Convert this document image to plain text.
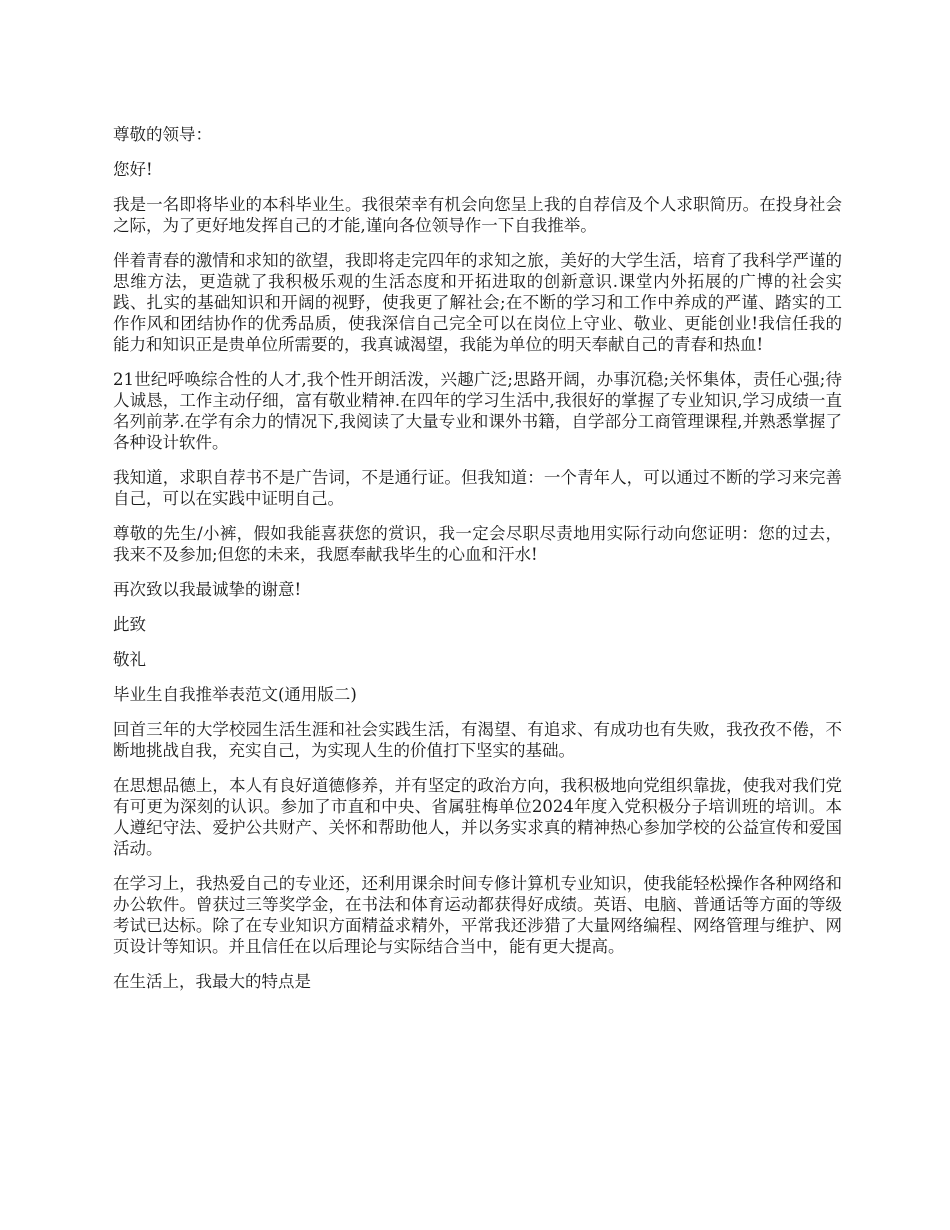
尊敬的领导：

您好!

我是一名即将毕业的本科毕业生。我很荣幸有机会向您呈上我的自荐信及个人求职简历。在投身社会之际，为了更好地发挥自己的才能,谨向各位领导作一下自我推举。

伴着青春的激情和求知的欲望，我即将走完四年的求知之旅，美好的大学生活，培育了我科学严谨的思维方法，更造就了我积极乐观的生活态度和开拓进取的创新意识.课堂内外拓展的广博的社会实践、扎实的基础知识和开阔的视野，使我更了解社会;在不断的学习和工作中养成的严谨、踏实的工作作风和团结协作的优秀品质，使我深信自己完全可以在岗位上守业、敬业、更能创业!我信任我的能力和知识正是贵单位所需要的，我真诚渴望，我能为单位的明天奉献自己的青春和热血!

21世纪呼唤综合性的人才,我个性开朗活泼，兴趣广泛;思路开阔，办事沉稳;关怀集体，责任心强;待人诚恳，工作主动仔细，富有敬业精神.在四年的学习生活中,我很好的掌握了专业知识,学习成绩一直名列前茅.在学有余力的情况下,我阅读了大量专业和课外书籍，自学部分工商管理课程,并熟悉掌握了各种设计软件。

我知道，求职自荐书不是广告词，不是通行证。但我知道：一个青年人，可以通过不断的学习来完善自己，可以在实践中证明自己。

尊敬的先生/小裤，假如我能喜获您的赏识，我一定会尽职尽责地用实际行动向您证明：您的过去，我来不及参加;但您的未来，我愿奉献我毕生的心血和汗水!

再次致以我最诚挚的谢意!

此致

敬礼

毕业生自我推举表范文(通用版二)

回首三年的大学校园生活生涯和社会实践生活，有渴望、有追求、有成功也有失败，我孜孜不倦，不断地挑战自我，充实自己，为实现人生的价值打下坚实的基础。

在思想品德上，本人有良好道德修养，并有坚定的政治方向，我积极地向党组织靠拢，使我对我们党有可更为深刻的认识。参加了市直和中央、省属驻梅单位2024年度入党积极分子培训班的培训。本人遵纪守法、爱护公共财产、关怀和帮助他人，并以务实求真的精神热心参加学校的公益宣传和爱国活动。

在学习上，我热爱自己的专业还，还利用课余时间专修计算机专业知识，使我能轻松操作各种网络和办公软件。曾获过三等奖学金，在书法和体育运动都获得好成绩。英语、电脑、普通话等方面的等级考试已达标。除了在专业知识方面精益求精外，平常我还涉猎了大量网络编程、网络管理与维护、网页设计等知识。并且信任在以后理论与实际结合当中，能有更大提高。

在生活上，我最大的特点是
